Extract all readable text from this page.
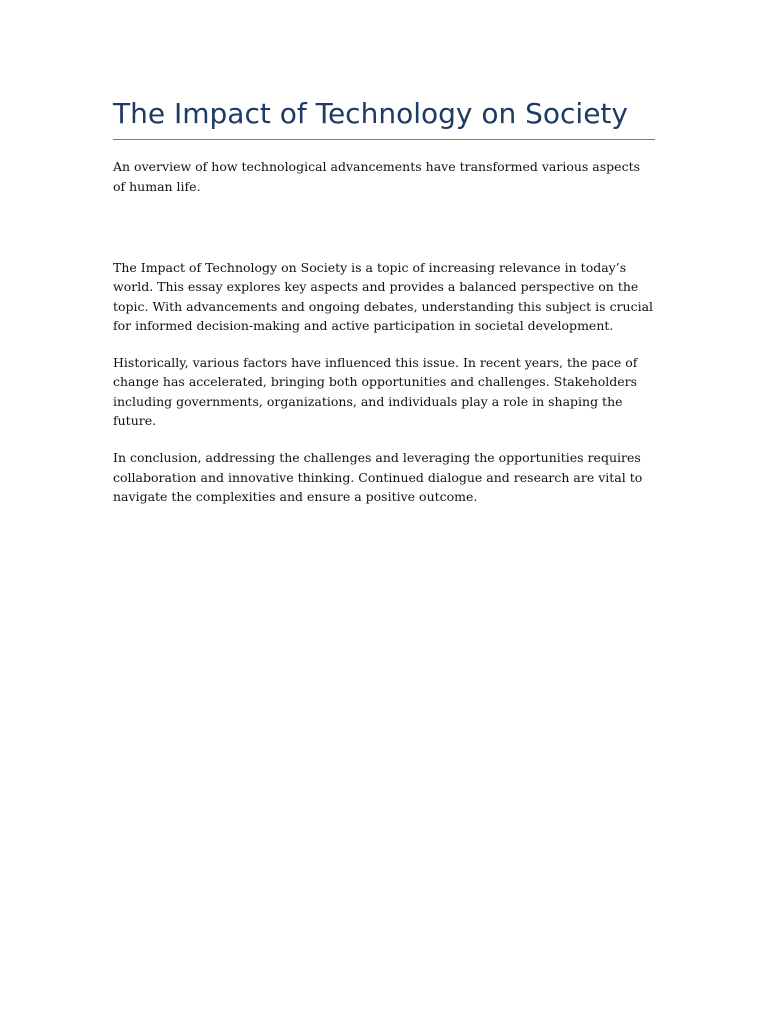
The Impact of Technology on Society

An overview of how technological advancements have transformed various aspects of human life.

The Impact of Technology on Society is a topic of increasing relevance in today’s world. This essay explores key aspects and provides a balanced perspective on the topic. With advancements and ongoing debates, understanding this subject is crucial for informed decision-making and active participation in societal development.

Historically, various factors have influenced this issue. In recent years, the pace of change has accelerated, bringing both opportunities and challenges. Stakeholders including governments, organizations, and individuals play a role in shaping the future.

In conclusion, addressing the challenges and leveraging the opportunities requires collaboration and innovative thinking. Continued dialogue and research are vital to navigate the complexities and ensure a positive outcome.
